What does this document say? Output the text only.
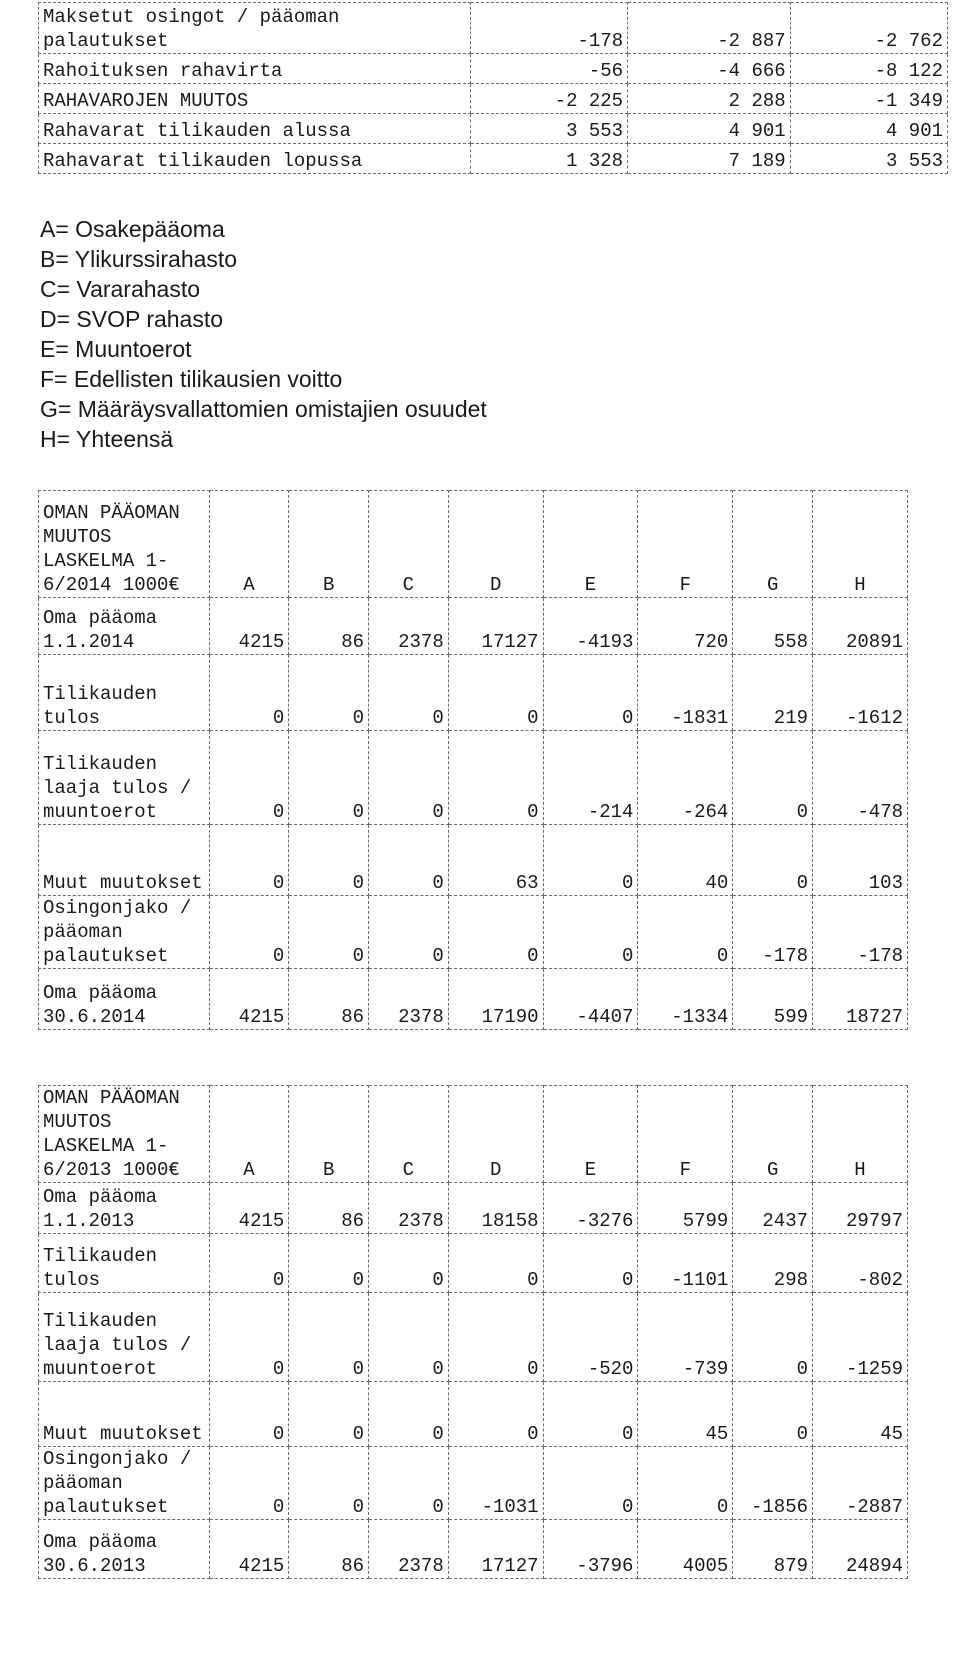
Maksetut osingot / pääoman palautukset	-178	-2 887	-2 762
Rahoituksen rahavirta	-56	-4 666	-8 122
RAHAVAROJEN MUUTOS	-2 225	2 288	-1 349
Rahavarat tilikauden alussa	3 553	4 901	4 901
Rahavarat tilikauden lopussa	1 328	7 189	3 553
A= Osakepääoma
B= Ylikurssirahasto
C= Vararahasto
D= SVOP rahasto
E= Muuntoerot
F= Edellisten tilikausien voitto
G= Määräysvallattomien omistajien osuudet
H= Yhteensä
OMAN PÄÄOMAN MUUTOS LASKELMA 1-6/2014 1000€	A	B	C	D	E	F	G	H
Oma pääoma 1.1.2014	4215	86	2378	17127	-4193	720	558	20891
Tilikauden tulos	0	0	0	0	0	-1831	219	-1612
Tilikauden laaja tulos / muuntoerot	0	0	0	0	-214	-264	0	-478
Muut muutokset	0	0	0	63	0	40	0	103
Osingonjako / pääoman palautukset	0	0	0	0	0	0	-178	-178
Oma pääoma 30.6.2014	4215	86	2378	17190	-4407	-1334	599	18727
OMAN PÄÄOMAN MUUTOS LASKELMA 1-6/2013 1000€	A	B	C	D	E	F	G	H
Oma pääoma 1.1.2013	4215	86	2378	18158	-3276	5799	2437	29797
Tilikauden tulos	0	0	0	0	0	-1101	298	-802
Tilikauden laaja tulos / muuntoerot	0	0	0	0	-520	-739	0	-1259
Muut muutokset	0	0	0	0	0	45	0	45
Osingonjako / pääoman palautukset	0	0	0	-1031	0	0	-1856	-2887
Oma pääoma 30.6.2013	4215	86	2378	17127	-3796	4005	879	24894
